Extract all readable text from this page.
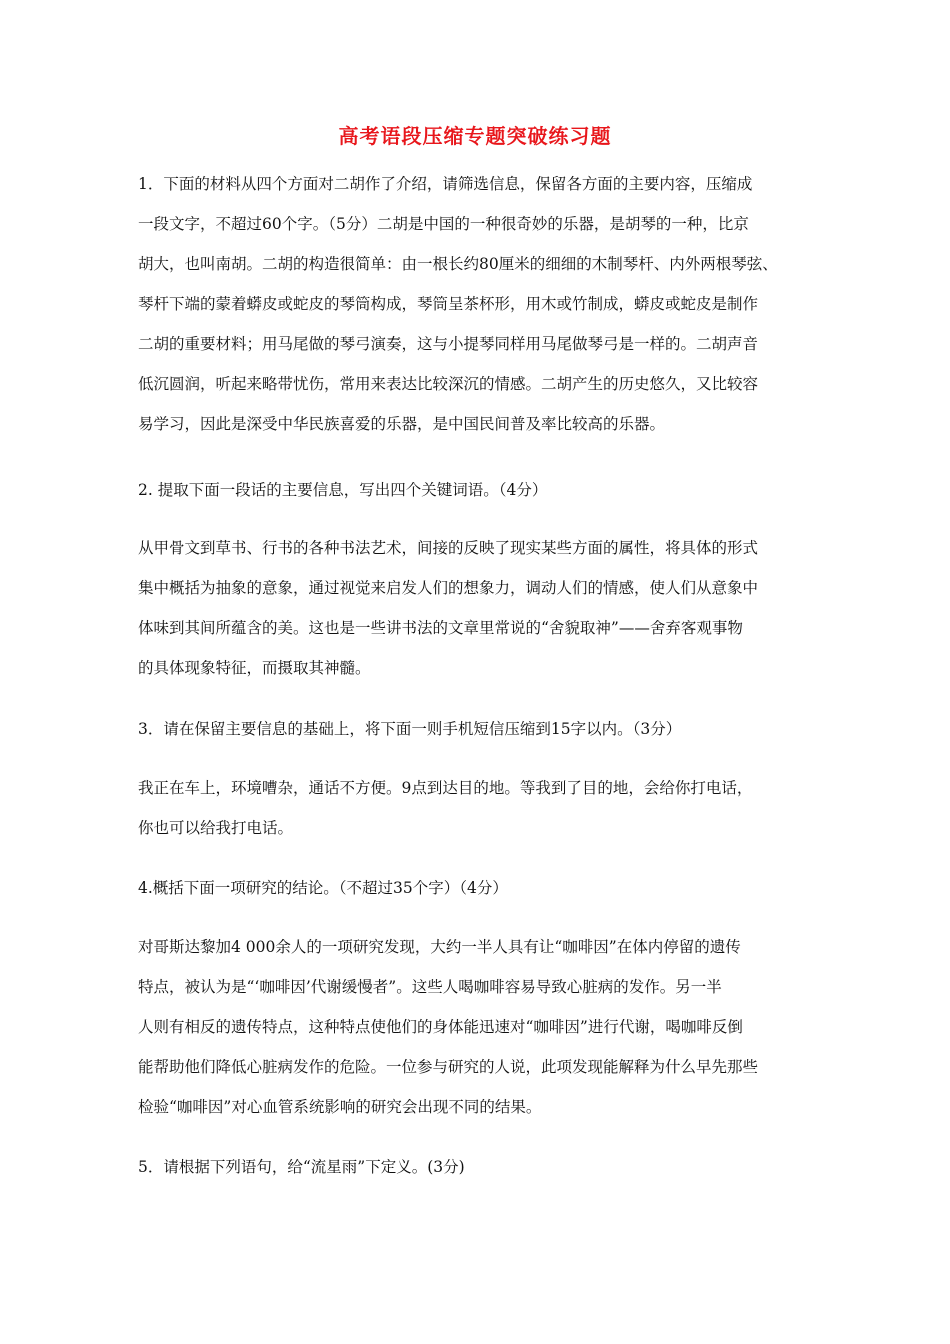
高考语段压缩专题突破练习题
1．下面的材料从四个方面对二胡作了介绍，请筛选信息，保留各方面的主要内容，压缩成
一段文字，不超过60个字。（5分）二胡是中国的一种很奇妙的乐器，是胡琴的一种，比京
胡大，也叫南胡。二胡的构造很简单：由一根长约80厘米的细细的木制琴杆、内外两根琴弦、
琴杆下端的蒙着蟒皮或蛇皮的琴筒构成，琴筒呈茶杯形，用木或竹制成，蟒皮或蛇皮是制作
二胡的重要材料；用马尾做的琴弓演奏，这与小提琴同样用马尾做琴弓是一样的。二胡声音
低沉圆润，听起来略带忧伤，常用来表达比较深沉的情感。二胡产生的历史悠久，又比较容
易学习，因此是深受中华民族喜爱的乐器，是中国民间普及率比较高的乐器。
2. 提取下面一段话的主要信息，写出四个关键词语。（4分）
从甲骨文到草书、行书的各种书法艺术，间接的反映了现实某些方面的属性，将具体的形式
集中概括为抽象的意象，通过视觉来启发人们的想象力，调动人们的情感，使人们从意象中
体味到其间所蕴含的美。这也是一些讲书法的文章里常说的“舍貌取神”——舍弃客观事物
的具体现象特征，而摄取其神髓。
3．请在保留主要信息的基础上，将下面一则手机短信压缩到15字以内。（3分）
我正在车上，环境嘈杂，通话不方便。9点到达目的地。等我到了目的地，会给你打电话，
你也可以给我打电话。
4.概括下面一项研究的结论。（不超过35个字）（4分）
对哥斯达黎加4 000余人的一项研究发现，大约一半人具有让“咖啡因”在体内停留的遗传
特点，被认为是“‘咖啡因’代谢缓慢者”。这些人喝咖啡容易导致心脏病的发作。另一半
人则有相反的遗传特点，这种特点使他们的身体能迅速对“咖啡因”进行代谢，喝咖啡反倒
能帮助他们降低心脏病发作的危险。一位参与研究的人说，此项发现能解释为什么早先那些
检验“咖啡因”对心血管系统影响的研究会出现不同的结果。
5．请根据下列语句，给“流星雨”下定义。(3分)
